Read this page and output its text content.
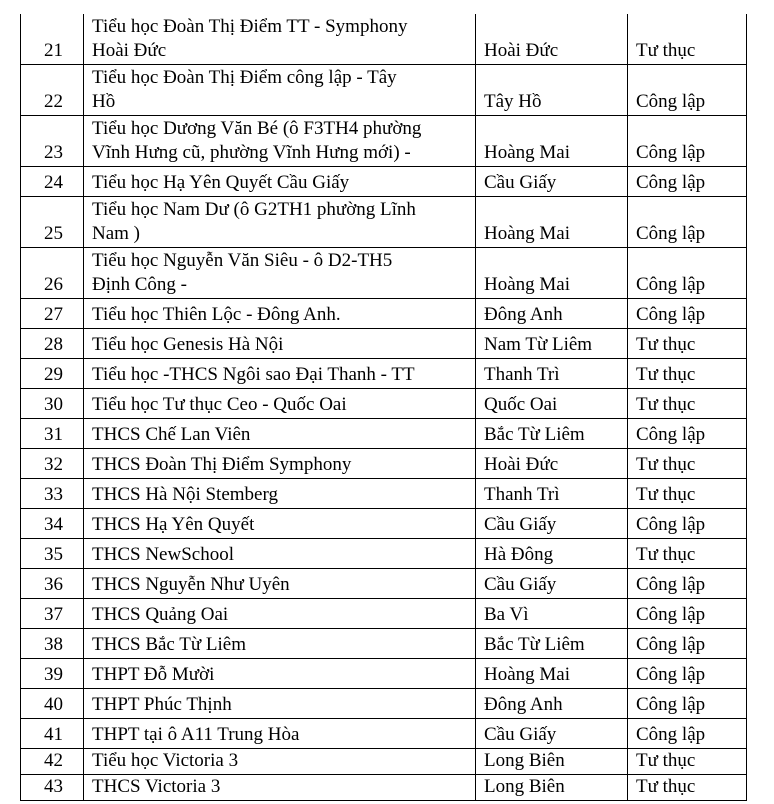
21	Tiểu học Đoàn Thị Điểm TT - Symphony
Hoài Đức	Hoài Đức	Tư thục
22	Tiểu học Đoàn Thị Điểm công lập - Tây
Hồ	Tây Hồ	Công lập
23	Tiểu học Dương Văn Bé (ô F3TH4 phường
Vĩnh Hưng cũ, phường Vĩnh Hưng mới) -	Hoàng Mai	Công lập
24	Tiểu học Hạ Yên Quyết Cầu Giấy	Cầu Giấy	Công lập
25	Tiểu học Nam Dư (ô G2TH1 phường Lĩnh
Nam )	Hoàng Mai	Công lập
26	Tiểu học Nguyễn Văn Siêu - ô D2-TH5
Định Công -	Hoàng Mai	Công lập
27	Tiểu học Thiên Lộc - Đông Anh.	Đông Anh	Công lập
28	Tiểu học Genesis Hà Nội	Nam Từ Liêm	Tư thục
29	Tiểu học -THCS Ngôi sao Đại Thanh - TT	Thanh Trì	Tư thục
30	Tiểu học Tư thục Ceo - Quốc Oai	Quốc Oai	Tư thục
31	THCS Chế Lan Viên	Bắc Từ Liêm	Công lập
32	THCS Đoàn Thị Điểm Symphony	Hoài Đức	Tư thục
33	THCS Hà Nội Stemberg	Thanh Trì	Tư thục
34	THCS Hạ Yên Quyết	Cầu Giấy	Công lập
35	THCS NewSchool	Hà Đông	Tư thục
36	THCS Nguyễn Như Uyên	Cầu Giấy	Công lập
37	THCS Quảng Oai	Ba Vì	Công lập
38	THCS Bắc Từ Liêm	Bắc Từ Liêm	Công lập
39	THPT Đỗ Mười	Hoàng Mai	Công lập
40	THPT Phúc Thịnh	Đông Anh	Công lập
41	THPT tại ô A11 Trung Hòa	Cầu Giấy	Công lập
42	Tiểu học Victoria 3	Long Biên	Tư thục
43	THCS Victoria 3	Long Biên	Tư thục
